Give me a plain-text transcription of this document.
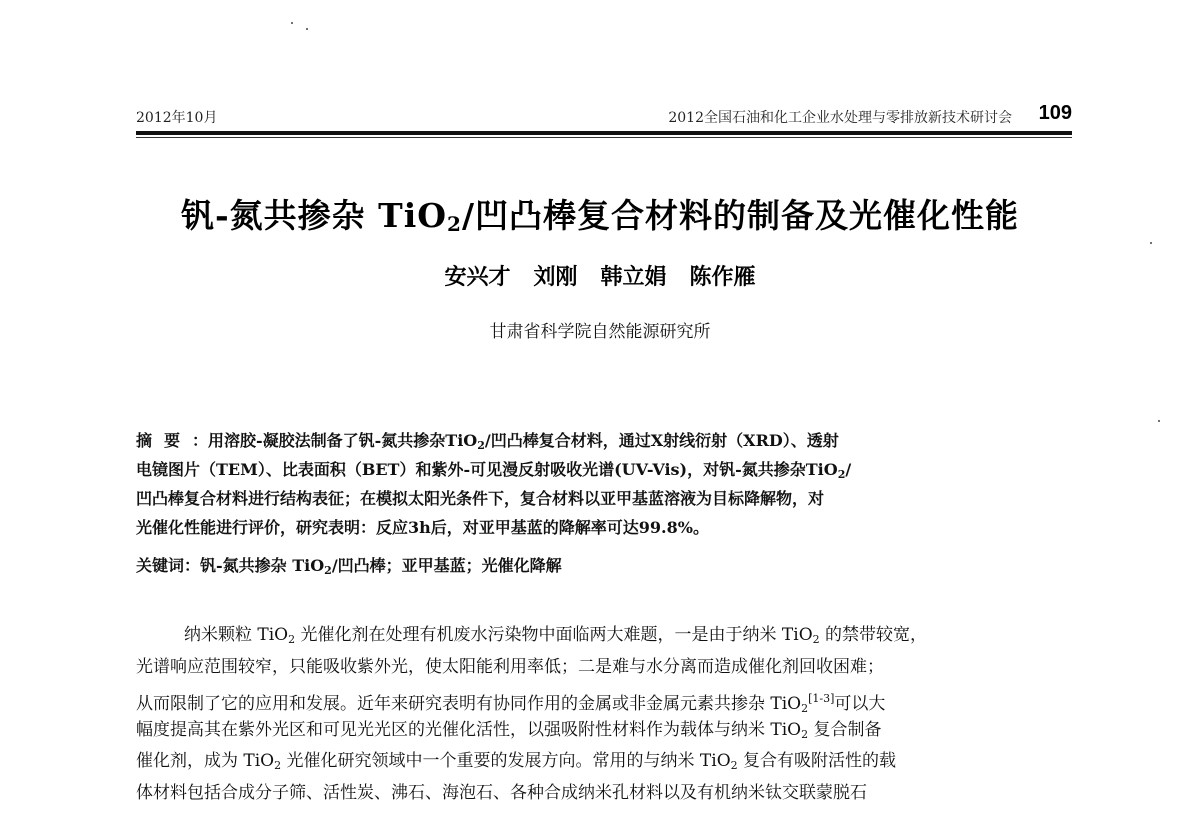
2012年10月	2012全国石油和化工企业水处理与零排放新技术研讨会 109
钒-氮共掺杂 TiO$_2$/凹凸棒复合材料的制备及光催化性能
安兴才 刘刚 韩立娟 陈作雁
甘肃省科学院自然能源研究所
摘要：用溶胶-凝胶法制备了钒-氮共掺杂TiO$_2$/凹凸棒复合材料，通过X射线衍射（XRD）、透射
电镜图片（TEM）、比表面积（BET）和紫外-可见漫反射吸收光谱(UV-Vis)，对钒-氮共掺杂TiO$_2$/
凹凸棒复合材料进行结构表征；在模拟太阳光条件下，复合材料以亚甲基蓝溶液为目标降解物，对
光催化性能进行评价，研究表明：反应3h后，对亚甲基蓝的降解率可达99.8%。
关键词：钒-氮共掺杂 TiO$_2$/凹凸棒；亚甲基蓝；光催化降解
纳米颗粒 TiO$_2$ 光催化剂在处理有机废水污染物中面临两大难题，一是由于纳米 TiO$_2$ 的禁带较宽，
光谱响应范围较窄，只能吸收紫外光，使太阳能利用率低；二是难与水分离而造成催化剂回收困难；
从而限制了它的应用和发展。近年来研究表明有协同作用的金属或非金属元素共掺杂 TiO$_2$[1-3]可以大
幅度提高其在紫外光区和可见光光区的光催化活性，以强吸附性材料作为载体与纳米 TiO$_2$ 复合制备
催化剂，成为 TiO$_2$ 光催化研究领域中一个重要的发展方向。常用的与纳米 TiO$_2$ 复合有吸附活性的载
体材料包括合成分子筛、活性炭、沸石、海泡石、各种合成纳米孔材料以及有机纳米钛交联蒙脱石
